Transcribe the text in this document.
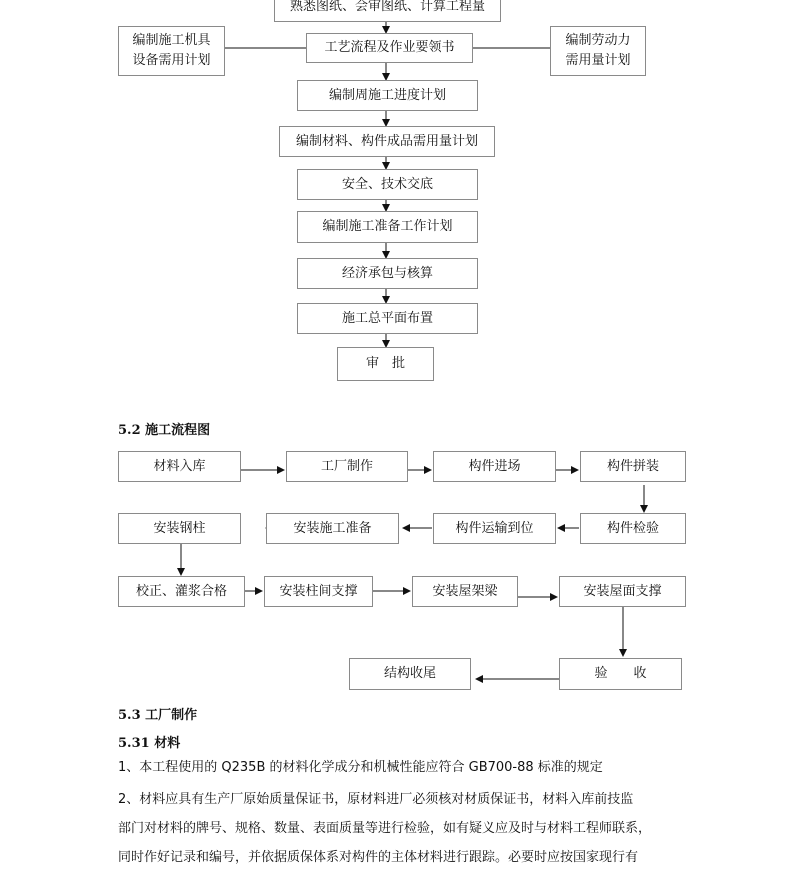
熟悉图纸、会审图纸、计算工程量
工艺流程及作业要领书
编制施工机具
设备需用计划
编制劳动力
需用量计划
编制周施工进度计划
编制材料、构件成品需用量计划
安全、技术交底
编制施工准备工作计划
经济承包与核算
施工总平面布置
审　批
5.2 施工流程图
材料入库	工厂制作	构件进场	构件拼装
安装钢柱	安装施工准备	构件运输到位	构件检验
校正、灌浆合格	安装柱间支撑	安装屋架梁	安装屋面支撑
结构收尾	验　　收
5.3 工厂制作
5.31 材料
1、本工程使用的 Q235B 的材料化学成分和机械性能应符合 GB700-88 标准的规定
2、材料应具有生产厂原始质量保证书，原材料进厂必须核对材质保证书，材料入库前技监
部门对材料的牌号、规格、数量、表面质量等进行检验，如有疑义应及时与材料工程师联系，
同时作好记录和编号，并依据质保体系对构件的主体材料进行跟踪。必要时应按国家现行有
